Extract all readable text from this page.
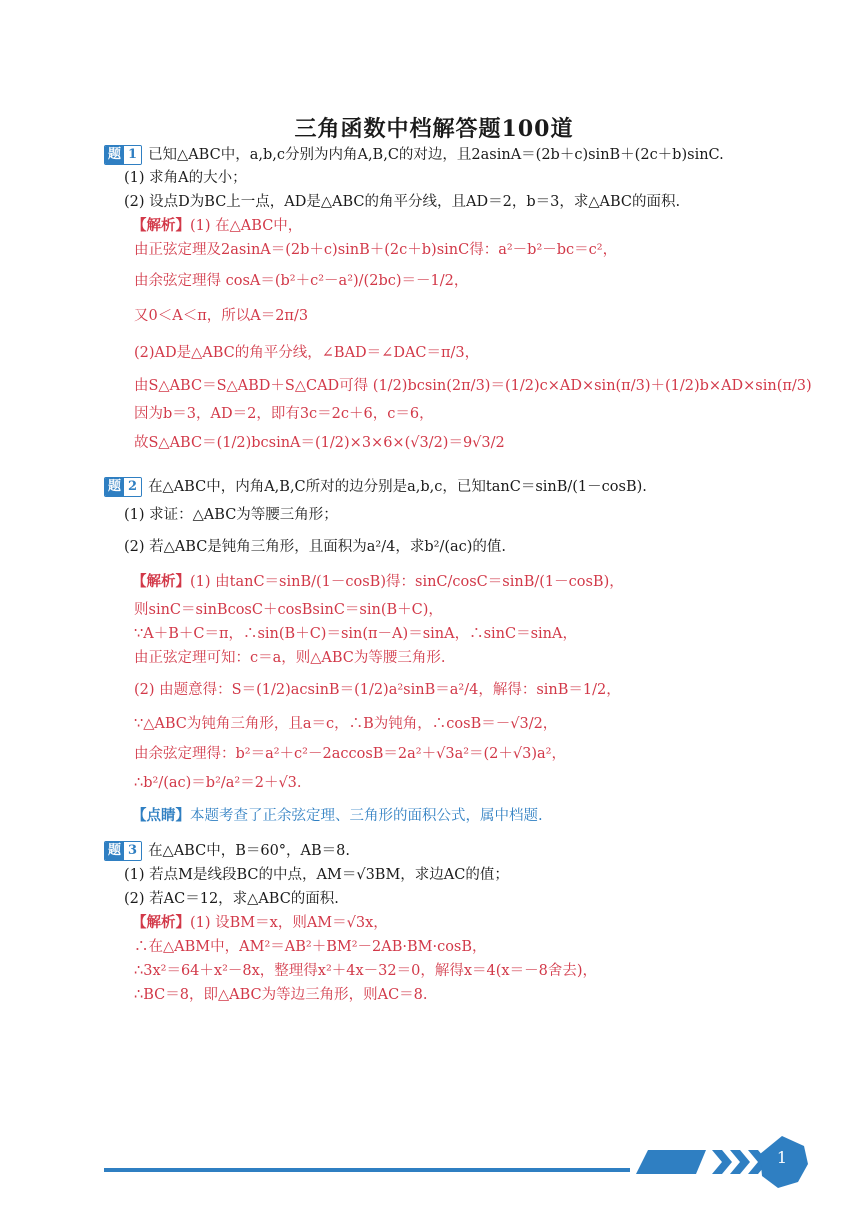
三角函数中档解答题100道
题 1 已知△ABC中，a,b,c分别为内角A,B,C的对边，且2asinA＝(2b＋c)sinB＋(2c＋b)sinC.
(1) 求角A的大小；
(2) 设点D为BC上一点，AD是△ABC的角平分线，且AD＝2，b＝3，求△ABC的面积.
【解析】(1) 在△ABC中，
由正弦定理及2asinA＝(2b＋c)sinB＋(2c＋b)sinC得：a²－b²－bc＝c²，
由余弦定理得 cosA＝(b²＋c²－a²)/(2bc)＝－1/2，
又0＜A＜π，所以A＝2π/3
(2)AD是△ABC的角平分线，∠BAD＝∠DAC＝π/3，
由S△ABC＝S△ABD＋S△CAD可得 (1/2)bcsin(2π/3)＝(1/2)c×AD×sin(π/3)＋(1/2)b×AD×sin(π/3)
因为b＝3，AD＝2，即有3c＝2c＋6，c＝6，
故S△ABC＝(1/2)bcsinA＝(1/2)×3×6×(√3/2)＝9√3/2
题 2 在△ABC中，内角A,B,C所对的边分别是a,b,c，已知tanC＝sinB/(1－cosB).
(1) 求证：△ABC为等腰三角形；
(2) 若△ABC是钝角三角形，且面积为a²/4，求b²/(ac)的值.
【解析】(1) 由tanC＝sinB/(1－cosB)得：sinC/cosC＝sinB/(1－cosB)，
则sinC＝sinBcosC＋cosBsinC＝sin(B＋C)，
∵A＋B＋C＝π，∴sin(B＋C)＝sin(π－A)＝sinA，∴sinC＝sinA，
由正弦定理可知：c＝a，则△ABC为等腰三角形.
(2) 由题意得：S＝(1/2)acsinB＝(1/2)a²sinB＝a²/4，解得：sinB＝1/2，
∵△ABC为钝角三角形，且a＝c，∴B为钝角，∴cosB＝－√3/2，
由余弦定理得：b²＝a²＋c²－2accosB＝2a²＋√3a²＝(2＋√3)a²，
∴b²/(ac)＝b²/a²＝2＋√3.
【点睛】本题考查了正余弦定理、三角形的面积公式，属中档题.
题 3 在△ABC中，B＝60°，AB＝8.
(1) 若点M是线段BC的中点，AM＝√3BM，求边AC的值；
(2) 若AC＝12，求△ABC的面积.
【解析】(1) 设BM＝x，则AM＝√3x，
∴在△ABM中，AM²＝AB²＋BM²－2AB·BM·cosB，
∴3x²＝64＋x²－8x，整理得x²＋4x－32＝0，解得x＝4(x＝－8舍去)，
∴BC＝8，即△ABC为等边三角形，则AC＝8.
1
